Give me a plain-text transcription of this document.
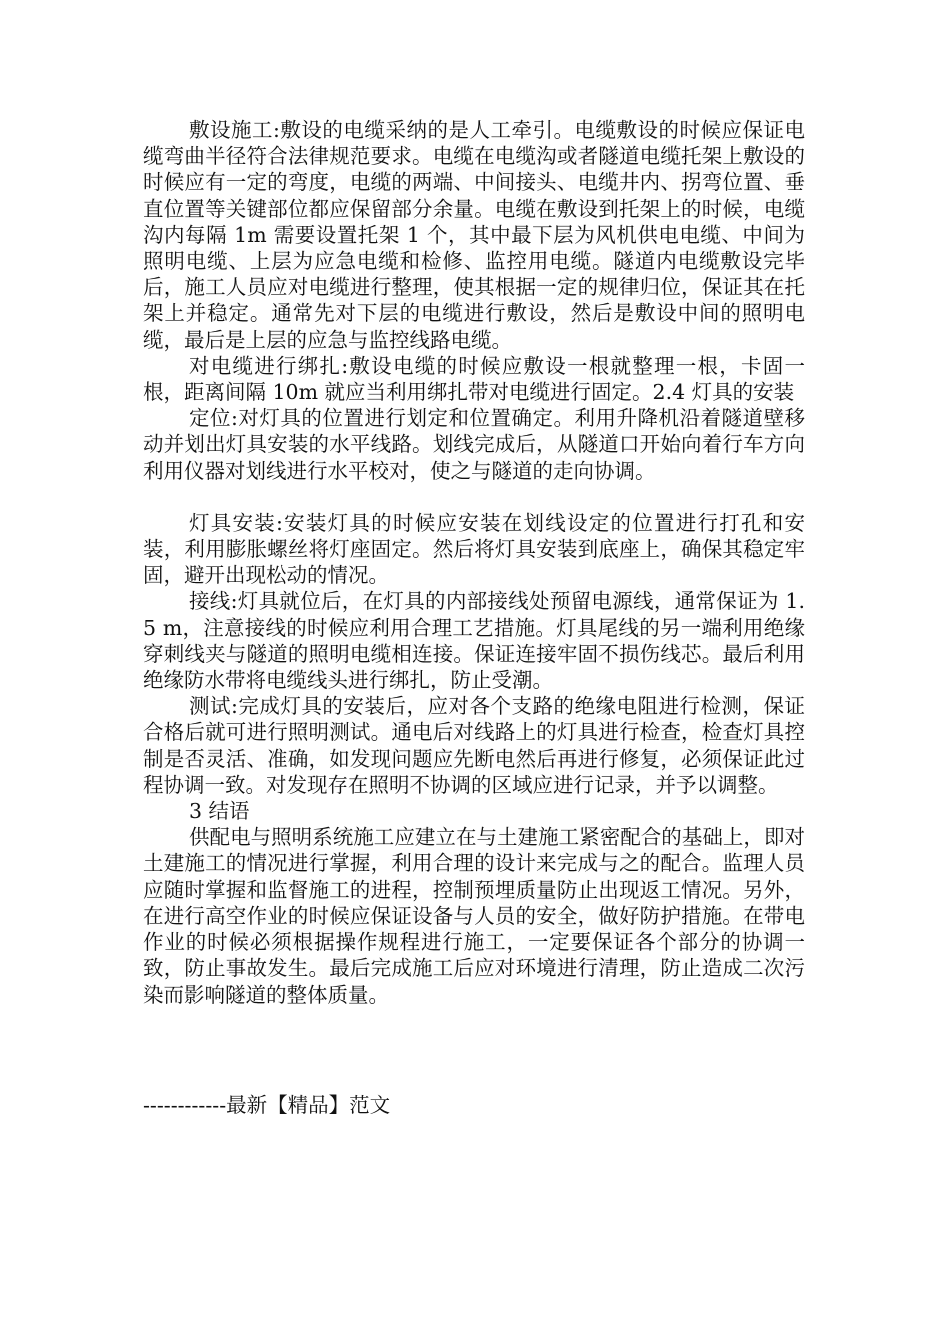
敷设施工:敷设的电缆采纳的是人工牵引。电缆敷设的时候应保证电缆弯曲半径符合法律规范要求。电缆在电缆沟或者隧道电缆托架上敷设的时候应有一定的弯度，电缆的两端、中间接头、电缆井内、拐弯位置、垂直位置等关键部位都应保留部分余量。电缆在敷设到托架上的时候，电缆沟内每隔 1m 需要设置托架 1 个，其中最下层为风机供电电缆、中间为照明电缆、上层为应急电缆和检修、监控用电缆。隧道内电缆敷设完毕后，施工人员应对电缆进行整理，使其根据一定的规律归位，保证其在托架上并稳定。通常先对下层的电缆进行敷设，然后是敷设中间的照明电缆，最后是上层的应急与监控线路电缆。

对电缆进行绑扎:敷设电缆的时候应敷设一根就整理一根，卡固一根，距离间隔 10m 就应当利用绑扎带对电缆进行固定。2.4 灯具的安装

定位:对灯具的位置进行划定和位置确定。利用升降机沿着隧道壁移动并划出灯具安装的水平线路。划线完成后，从隧道口开始向着行车方向利用仪器对划线进行水平校对，使之与隧道的走向协调。

灯具安装:安装灯具的时候应安装在划线设定的位置进行打孔和安装，利用膨胀螺丝将灯座固定。然后将灯具安装到底座上，确保其稳定牢固，避开出现松动的情况。

接线:灯具就位后，在灯具的内部接线处预留电源线，通常保证为 1.5 m，注意接线的时候应利用合理工艺措施。灯具尾线的另一端利用绝缘穿刺线夹与隧道的照明电缆相连接。保证连接牢固不损伤线芯。最后利用绝缘防水带将电缆线头进行绑扎，防止受潮。

测试:完成灯具的安装后，应对各个支路的绝缘电阻进行检测，保证合格后就可进行照明测试。通电后对线路上的灯具进行检查，检查灯具控制是否灵活、准确，如发现问题应先断电然后再进行修复，必须保证此过程协调一致。对发现存在照明不协调的区域应进行记录，并予以调整。

3 结语

供配电与照明系统施工应建立在与土建施工紧密配合的基础上，即对土建施工的情况进行掌握，利用合理的设计来完成与之的配合。监理人员应随时掌握和监督施工的进程，控制预埋质量防止出现返工情况。另外，在进行高空作业的时候应保证设备与人员的安全，做好防护措施。在带电作业的时候必须根据操作规程进行施工，一定要保证各个部分的协调一致，防止事故发生。最后完成施工后应对环境进行清理，防止造成二次污染而影响隧道的整体质量。

------------最新【精品】范文
